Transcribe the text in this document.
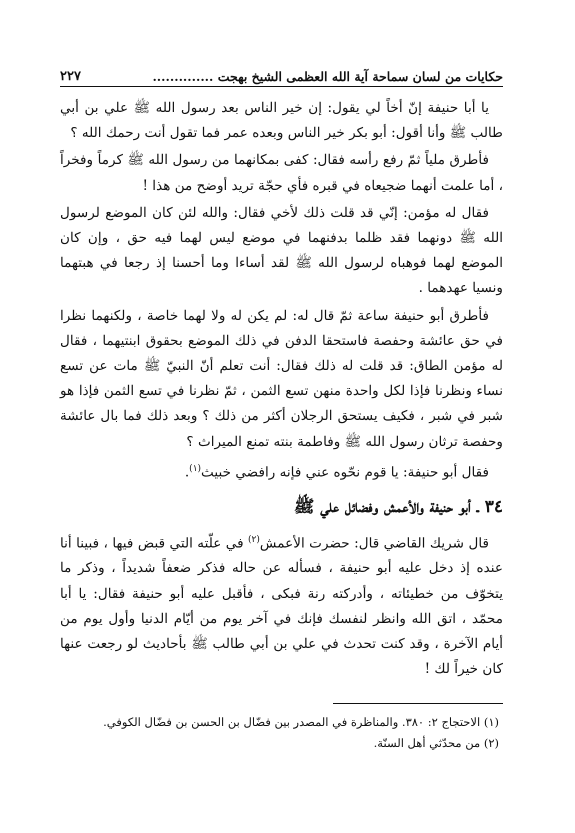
حكايات من لسان سماحة آية الله العظمى الشيخ بهجت ..............
٢٢٧

يا أبا حنيفة إنّ أخاً لي يقول: إن خير الناس بعد رسول الله ﷺ علي بن أبي طالب ﷺ وأنا أقول: أبو بكر خير الناس وبعده عمر فما تقول أنت رحمك الله ؟

فأطرق ملياً ثمّ رفع رأسه فقال: كفى بمكانهما من رسول الله ﷺ كرماً وفخراً ، أما علمت أنهما ضجيعاه في قبره فأي حجّة تريد أوضح من هذا !

فقال له مؤمن: إنّي قد قلت ذلك لأخي فقال: والله لئن كان الموضع لرسول الله ﷺ دونهما فقد ظلما بدفنهما في موضع ليس لهما فيه حق ، وإن كان الموضع لهما فوهباه لرسول الله ﷺ لقد أساءا وما أحسنا إذ رجعا في هبتهما ونسيا عهدهما .

فأطرق أبو حنيفة ساعة ثمّ قال له: لم يكن له ولا لهما خاصة ، ولكنهما نظرا في حق عائشة وحفصة فاستحقا الدفن في ذلك الموضع بحقوق ابنتيهما ، فقال له مؤمن الطاق: قد قلت له ذلك فقال: أنت تعلم أنّ النبيّ ﷺ مات عن تسع نساء ونظرنا فإذا لكل واحدة منهن تسع الثمن ، ثمّ نظرنا في تسع الثمن فإذا هو شبر في شبر ، فكيف يستحق الرجلان أكثر من ذلك ؟ وبعد ذلك فما بال عائشة وحفصة ترثان رسول الله ﷺ وفاطمة بنته تمنع الميراث ؟

فقال أبو حنيفة: يا قوم نحّوه عني فإنه رافضي خبيث$^{(١)}$.

٣٤ ـ أبو حنيفة والأعمش وفضائل علي ﷺ

قال شريك القاضي قال: حضرت الأعمش$^{(٢)}$ في علّته التي قبض فيها ، فبينا أنا عنده إذ دخل عليه أبو حنيفة ، فسأله عن حاله فذكر ضعفاً شديداً ، وذكر ما يتخوّف من خطيئاته ، وأدركته رنة فبكى ، فأقبل عليه أبو حنيفة فقال: يا أبا محمّد ، اتق الله وانظر لنفسك فإنك في آخر يوم من أيّام الدنيا وأول يوم من أيام الآخرة ، وقد كنت تحدث في علي بن أبي طالب ﷺ بأحاديث لو رجعت عنها كان خيراً لك !

(١) الاحتجاج ٢: ٣٨٠. والمناظرة في المصدر بين فضّال بن الحسن بن فضّال الكوفي.
(٢) من محدّثي أهل السنّة.
